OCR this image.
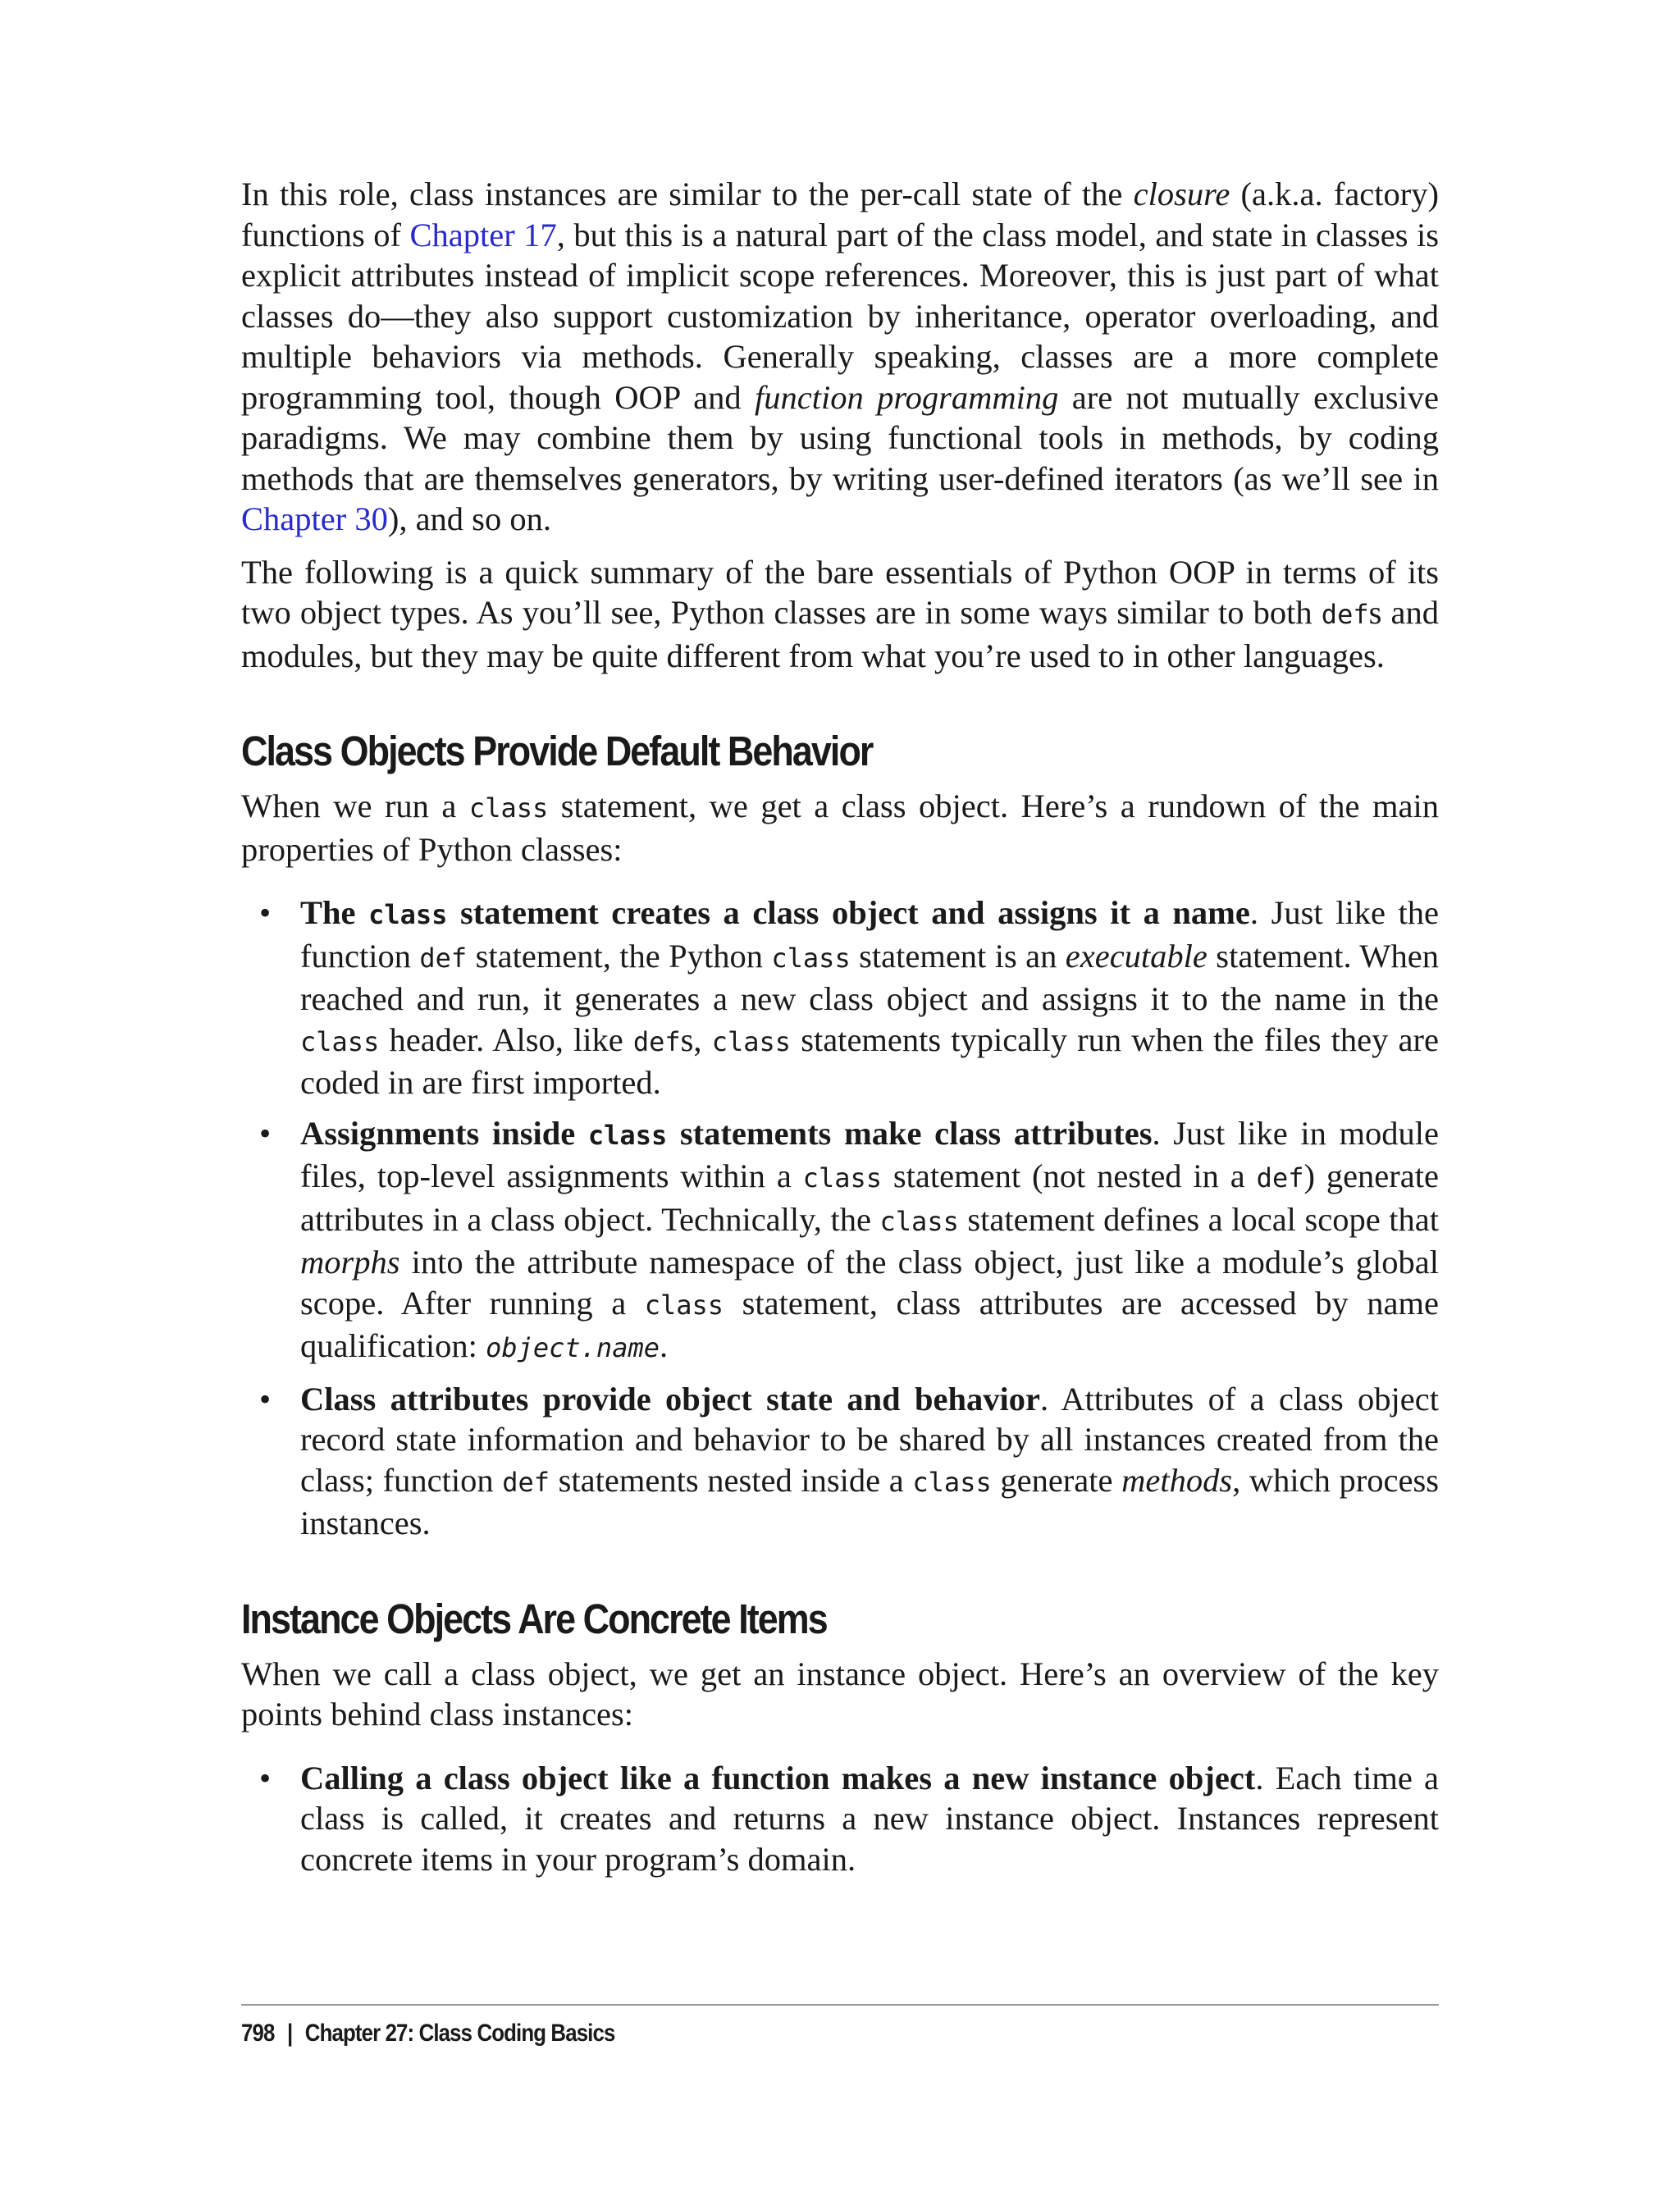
In this role, class instances are similar to the per-call state of the closure (a.k.a. factory) functions of Chapter 17, but this is a natural part of the class model, and state in classes is explicit attributes instead of implicit scope references. Moreover, this is just part of what classes do—they also support customization by inheritance, operator overloading, and multiple behaviors via methods. Generally speaking, classes are a more complete programming tool, though OOP and function programming are not mutually exclusive paradigms. We may combine them by using functional tools in methods, by coding methods that are themselves generators, by writing user-defined iterators (as we’ll see in Chapter 30), and so on.

The following is a quick summary of the bare essentials of Python OOP in terms of its two object types. As you’ll see, Python classes are in some ways similar to both defs and modules, but they may be quite different from what you’re used to in other languages.

Class Objects Provide Default Behavior

When we run a class statement, we get a class object. Here’s a rundown of the main properties of Python classes:

• The class statement creates a class object and assigns it a name. Just like the function def statement, the Python class statement is an executable statement. When reached and run, it generates a new class object and assigns it to the name in the class header. Also, like defs, class statements typically run when the files they are coded in are first imported.
• Assignments inside class statements make class attributes. Just like in module files, top-level assignments within a class statement (not nested in a def) generate attributes in a class object. Technically, the class statement defines a local scope that morphs into the attribute namespace of the class object, just like a module’s global scope. After running a class statement, class attributes are accessed by name qualification: object.name.
• Class attributes provide object state and behavior. Attributes of a class object record state information and behavior to be shared by all instances created from the class; function def statements nested inside a class generate methods, which process instances.
Instance Objects Are Concrete Items

When we call a class object, we get an instance object. Here’s an overview of the key points behind class instances:

• Calling a class object like a function makes a new instance object. Each time a class is called, it creates and returns a new instance object. Instances represent concrete items in your program’s domain.
798 | Chapter 27: Class Coding Basics
